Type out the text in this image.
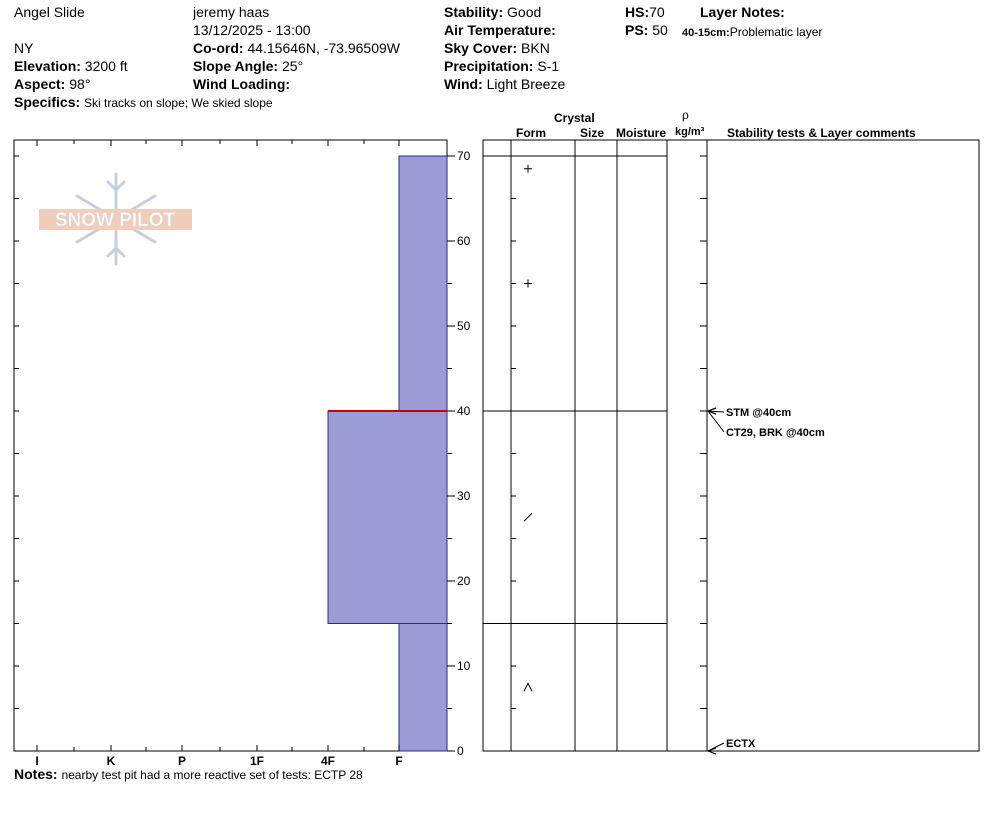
Angel Slide	jeremy haas
13/12/2025 - 13:00
NY
Elevation: 3200 ft
Aspect: 98°
Specifics: Ski tracks on slope; We skied slope
Co-ord: 44.15646N, -73.96509W
Slope Angle: 25°
Wind Loading:
Stability: Good
Air Temperature:
Sky Cover: BKN
Precipitation: S-1
Wind: Light Breeze
HS:70
PS: 50
Layer Notes:
40-15cm:Problematic layer
Crystal
Form	Size Moisture
ρ
kg/m³ Stability tests & Layer comments
SNOW PILOT
I	K	P	1F	4F	F
0
10
20
30
40
50
60
70
STM @40cm
CT29, BRK @40cm
ECTX
Notes: nearby test pit had a more reactive set of tests: ECTP 28
